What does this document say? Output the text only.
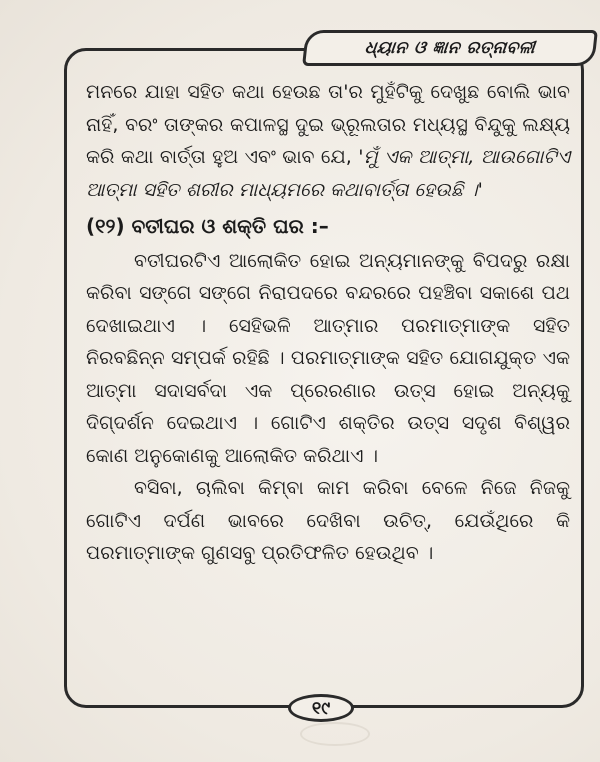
ଧ୍ୟାନ ଓ ଜ୍ଞାନ ରତ୍ନାବଳୀ

ମନରେ ଯାହା ସହିତ କଥା ହେଉଛ ତା'ର ମୁହଁଟିକୁ ଦେଖୁଛ ବୋଲି ଭାବ ନାହିଁ, ବରଂ ତାଙ୍କର କପାଳସ୍ଥ ଦୁଇ ଭ୍ରୂଲତାର ମଧ୍ୟସ୍ଥ ବିନ୍ଦୁକୁ ଲକ୍ଷ୍ୟ କରି କଥା ବାର୍ତ୍ତା ହୁଅ ଏବଂ ଭାବ ଯେ, 'ମୁଁ ଏକ ଆତ୍ମା, ଆଉଗୋଟିଏ ଆତ୍ମା ସହିତ ଶରୀର ମାଧ୍ୟମରେ କଥାବାର୍ତ୍ତା ହେଉଛି ।'

(୧୨) ବତୀଘର ଓ ଶକ୍ତି ଘର :–

ବତୀଘରଟିଏ ଆଲୋକିତ ହୋଇ ଅନ୍ୟମାନଙ୍କୁ ବିପଦରୁ ରକ୍ଷା କରିବା ସଙ୍ଗେ ସଙ୍ଗେ ନିରାପଦରେ ବନ୍ଦରରେ ପହଞ୍ଚିବା ସକାଶେ ପଥ ଦେଖାଇଥାଏ । ସେହିଭଳି ଆତ୍ମାର ପରମାତ୍ମାଙ୍କ ସହିତ ନିରବଛିନ୍ନ ସମ୍ପର୍କ ରହିଛି । ପରମାତ୍ମାଙ୍କ ସହିତ ଯୋଗଯୁକ୍ତ ଏକ ଆତ୍ମା ସଦାସର୍ବଦା ଏକ ପ୍ରେରଣାର ଉତ୍ସ ହୋଇ ଅନ୍ୟକୁ ଦିଗ୍‌ଦର୍ଶନ ଦେଇଥାଏ । ଗୋଟିଏ ଶକ୍ତିର ଉତ୍ସ ସଦୃଶ ବିଶ୍ୱର କୋଣ ଅନୁକୋଣକୁ ଆଲୋକିତ କରିଥାଏ ।

ବସିବା, ଚାଲିବା କିମ୍ବା କାମ କରିବା ବେଳେ ନିଜେ ନିଜକୁ ଗୋଟିଏ ଦର୍ପଣ ଭାବରେ ଦେଖିବା ଉଚିତ୍, ଯେଉଁଥିରେ କି ପରମାତ୍ମାଙ୍କ ଗୁଣସବୁ ପ୍ରତିଫଳିତ ହେଉଥିବ ।

୧୯
